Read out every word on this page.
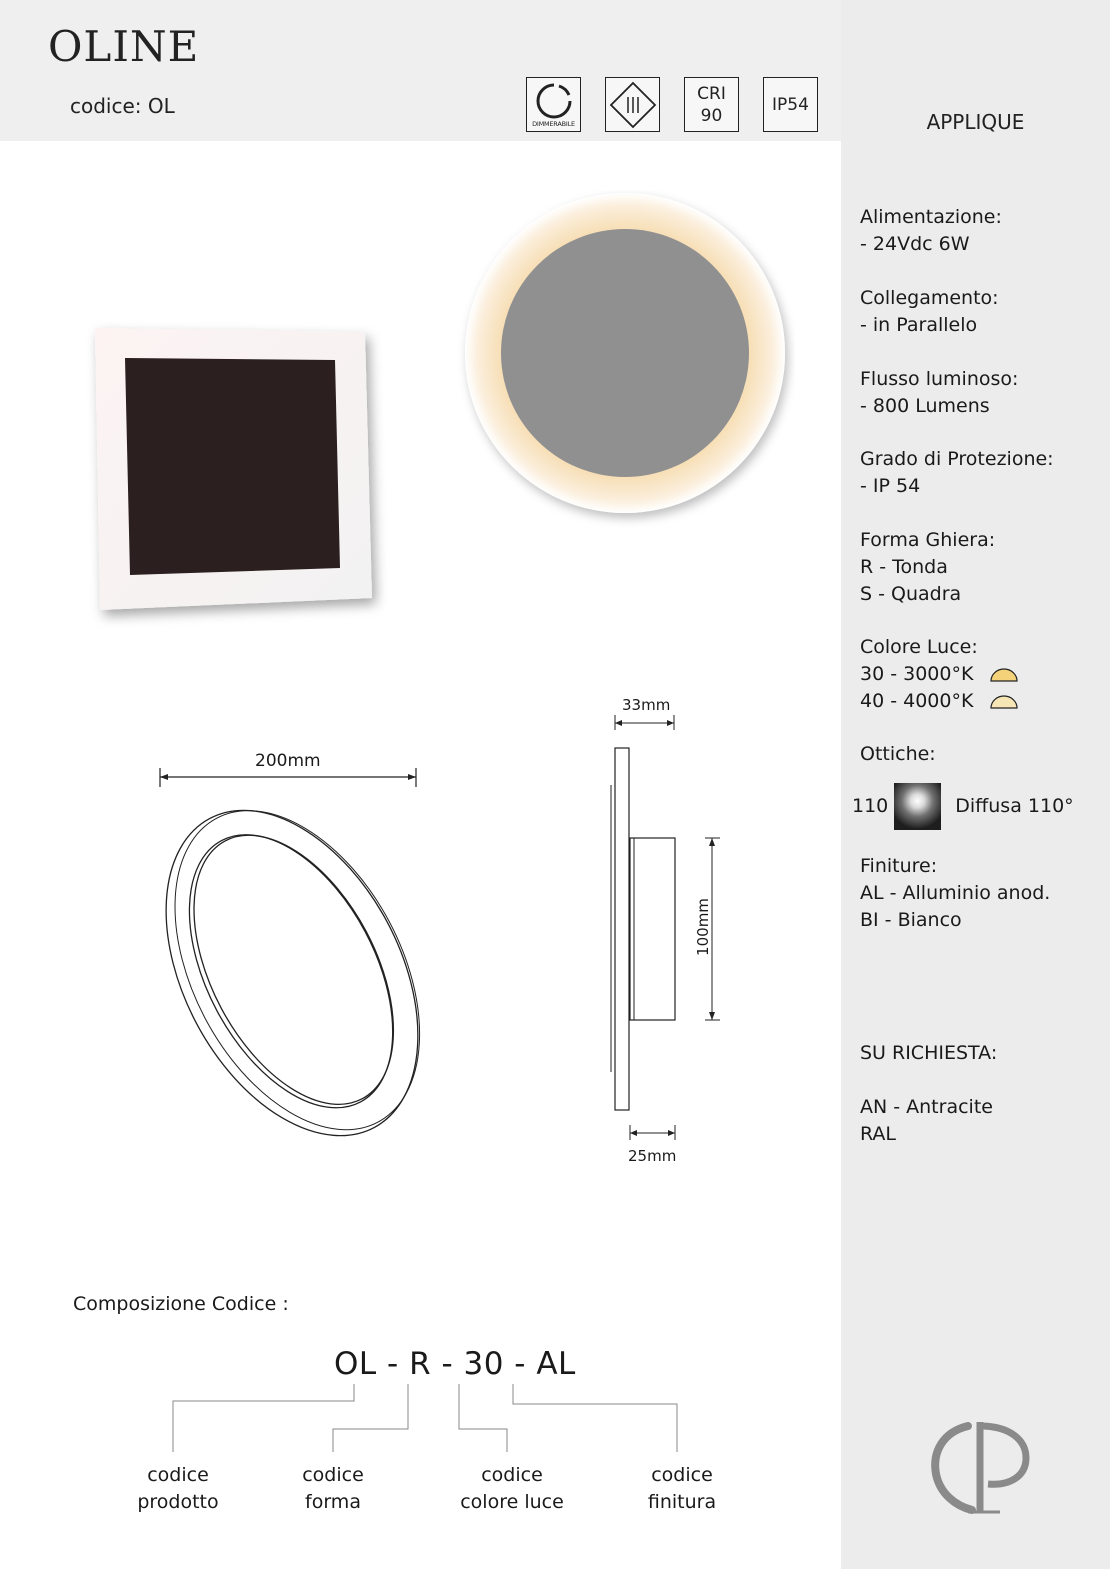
OLINE
codice: OL
DIMMERABILE
CRI
90
IP54
APPLIQUE
200mm
33mm
25mm
100mm
Alimentazione:
- 24Vdc 6W
Collegamento:
- in Parallelo
Flusso luminoso:
- 800 Lumens
Grado di Protezione:
- IP 54
Forma Ghiera:
R - Tonda
S - Quadra
Colore Luce:
30 - 3000°K
40 - 4000°K
Ottiche:
110	Diffusa 110°
Finiture:
AL - Alluminio anod.
BI - Bianco
SU RICHIESTA:
AN - Antracite
RAL
Composizione Codice :
OL - R - 30 - AL
codice
prodotto
codice
forma
codice
colore luce
codice
finitura
